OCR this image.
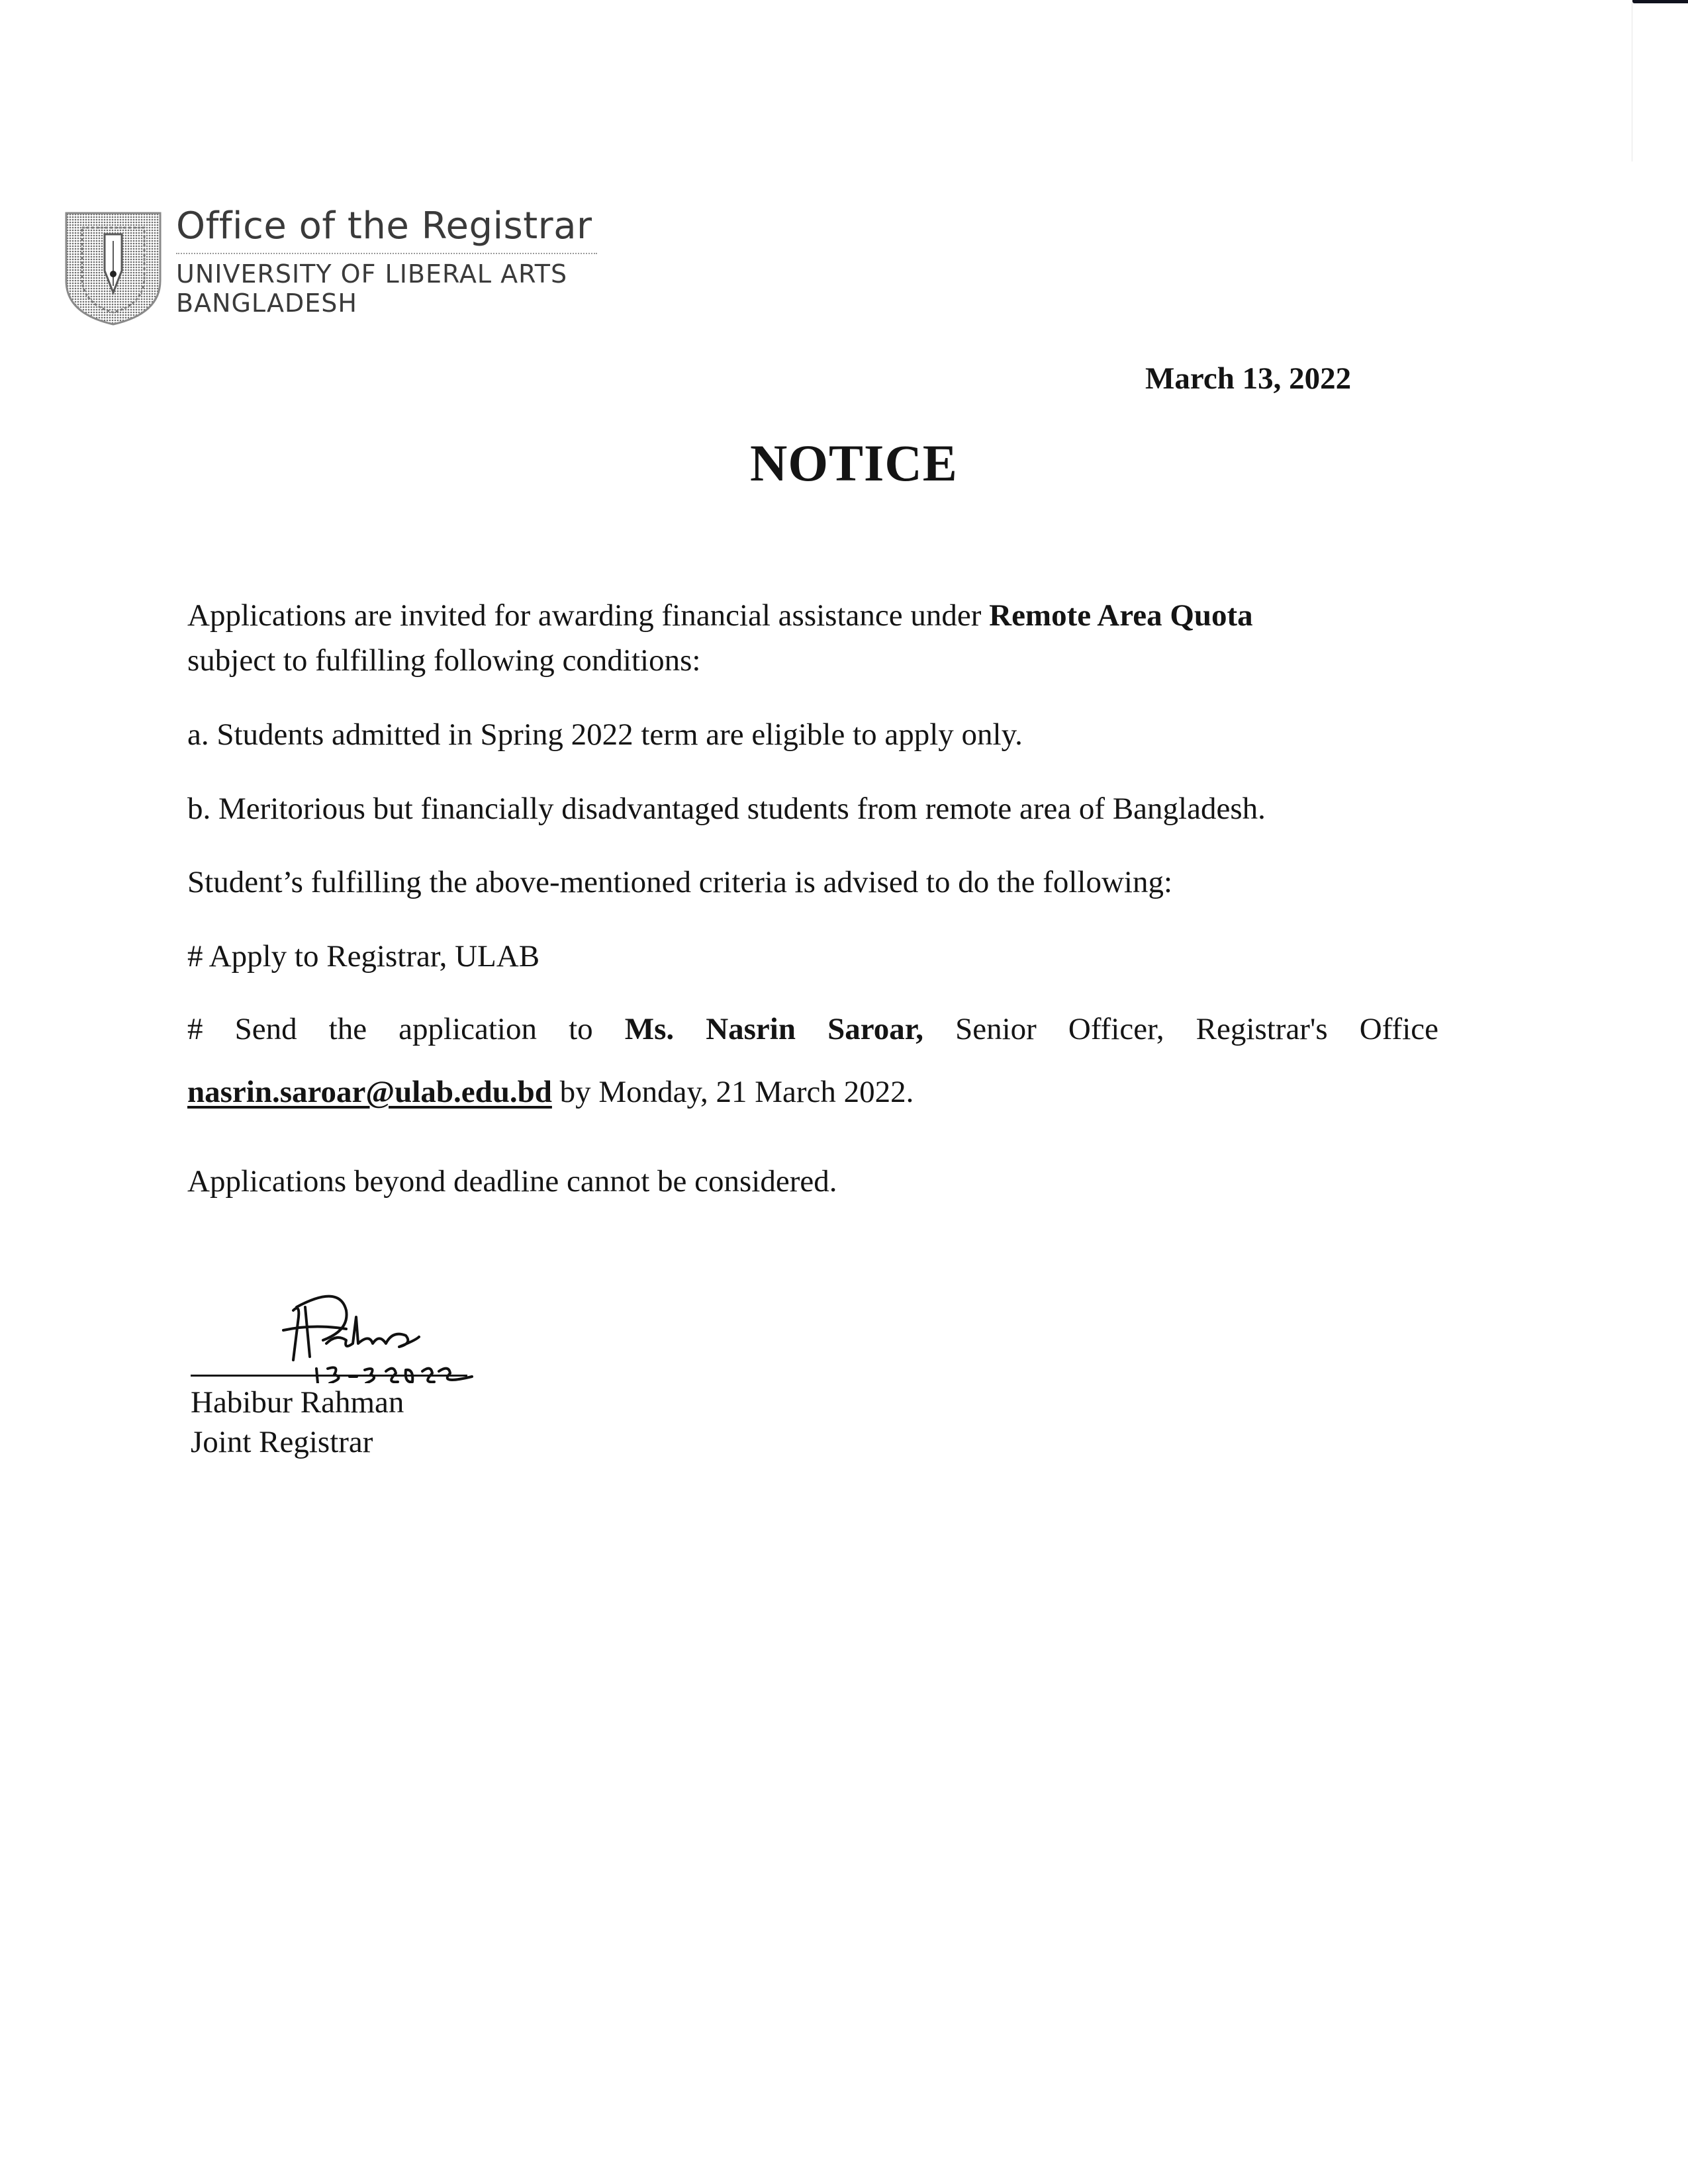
Office of the Registrar
UNIVERSITY OF LIBERAL ARTS
BANGLADESH
March 13, 2022
NOTICE
Applications are invited for awarding financial assistance under Remote Area Quota
subject to fulfilling following conditions:
a. Students admitted in Spring 2022 term are eligible to apply only.
b. Meritorious but financially disadvantaged students from remote area of Bangladesh.
Student’s fulfilling the above-mentioned criteria is advised to do the following:
# Apply to Registrar, ULAB
# Send the application to Ms. Nasrin Saroar, Senior Officer, Registrar's Office
nasrin.saroar@ulab.edu.bd by Monday, 21 March 2022.
Applications beyond deadline cannot be considered.
Habibur Rahman
Joint Registrar
